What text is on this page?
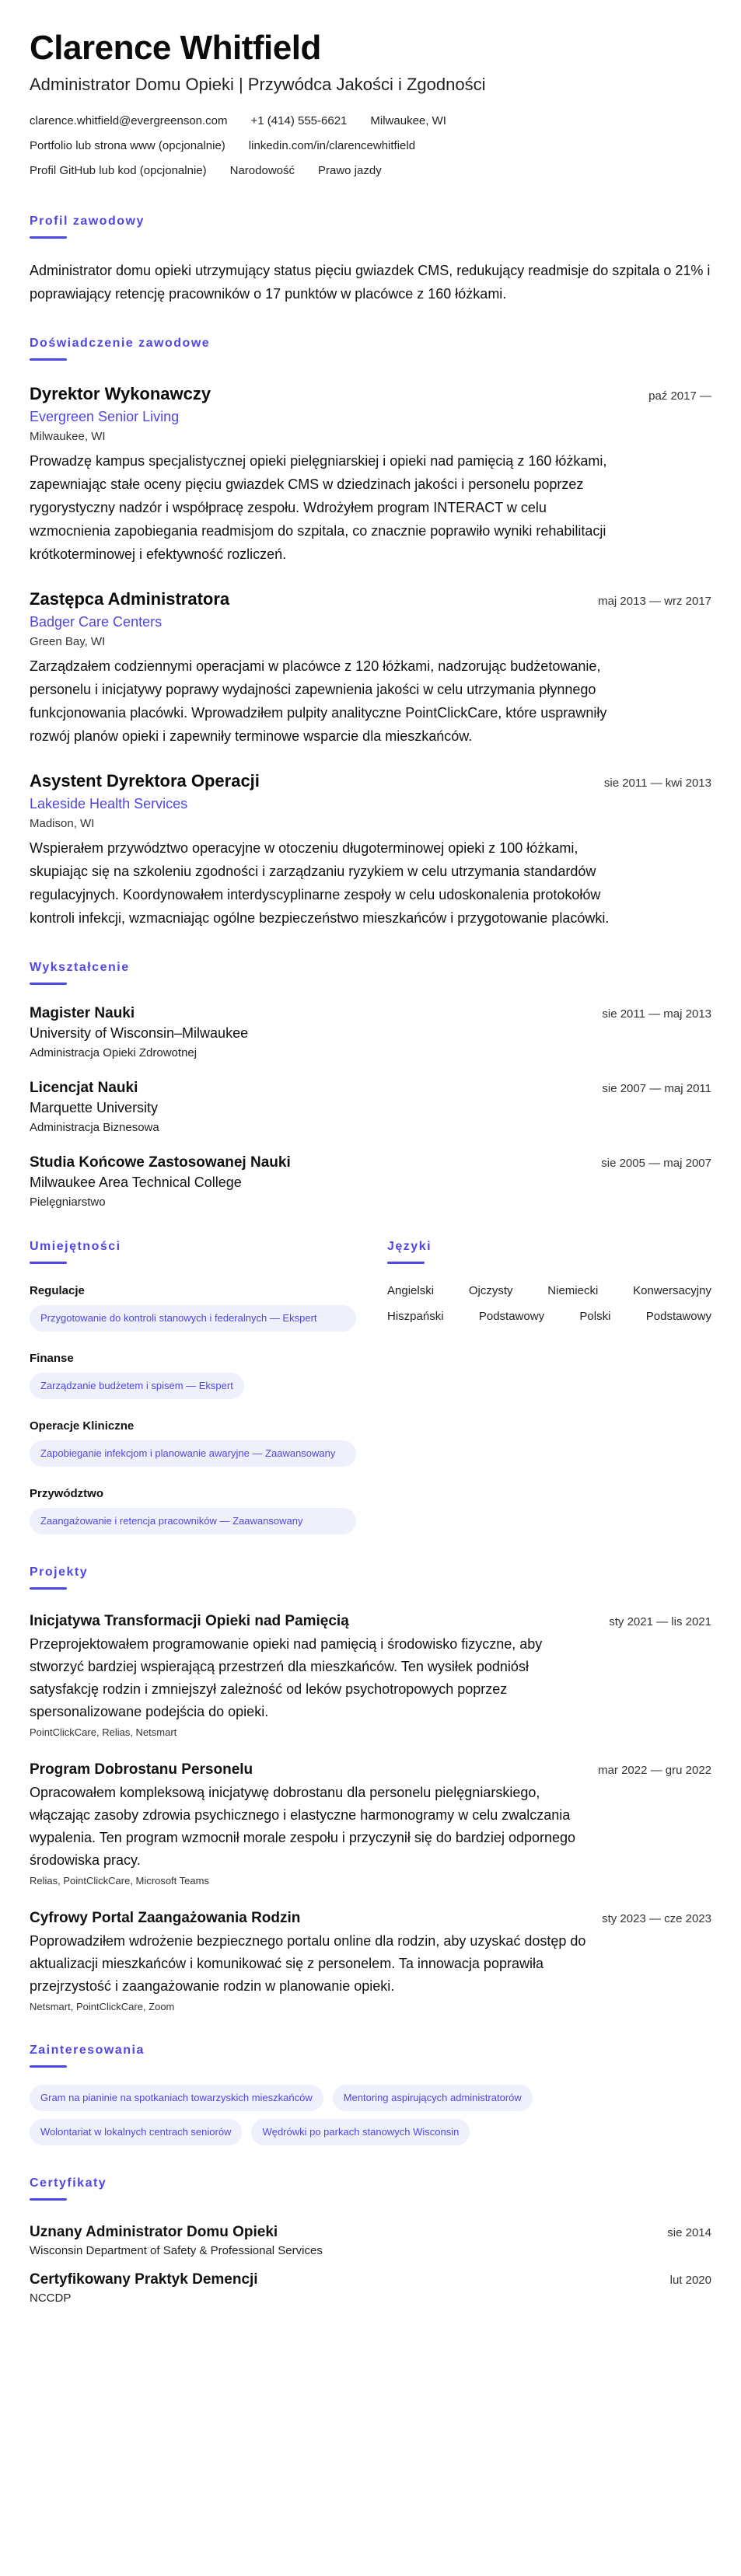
Clarence Whitfield
Administrator Domu Opieki | Przywódca Jakości i Zgodności
clarence.whitfield@evergreenson.com +1 (414) 555-6621 Milwaukee, WI
Portfolio lub strona www (opcjonalnie) linkedin.com/in/clarencewhitfield
Profil GitHub lub kod (opcjonalnie) Narodowość Prawo jazdy
Profil zawodowy
Administrator domu opieki utrzymujący status pięciu gwiazdek CMS, redukujący readmisje do szpitala o 21% i poprawiający retencję pracowników o 17 punktów w placówce z 160 łóżkami.
Doświadczenie zawodowe
Dyrektor Wykonawczy	paź 2017 —
Evergreen Senior Living
Milwaukee, WI
Prowadzę kampus specjalistycznej opieki pielęgniarskiej i opieki nad pamięcią z 160 łóżkami, zapewniając stałe oceny pięciu gwiazdek CMS w dziedzinach jakości i personelu poprzez rygorystyczny nadzór i współpracę zespołu. Wdrożyłem program INTERACT w celu wzmocnienia zapobiegania readmisjom do szpitala, co znacznie poprawiło wyniki rehabilitacji krótkoterminowej i efektywność rozliczeń.
Zastępca Administratora	maj 2013 — wrz 2017
Badger Care Centers
Green Bay, WI
Zarządzałem codziennymi operacjami w placówce z 120 łóżkami, nadzorując budżetowanie, personelu i inicjatywy poprawy wydajności zapewnienia jakości w celu utrzymania płynnego funkcjonowania placówki. Wprowadziłem pulpity analityczne PointClickCare, które usprawniły rozwój planów opieki i zapewniły terminowe wsparcie dla mieszkańców.
Asystent Dyrektora Operacji	sie 2011 — kwi 2013
Lakeside Health Services
Madison, WI
Wspierałem przywództwo operacyjne w otoczeniu długoterminowej opieki z 100 łóżkami, skupiając się na szkoleniu zgodności i zarządzaniu ryzykiem w celu utrzymania standardów regulacyjnych. Koordynowałem interdyscyplinarne zespoły w celu udoskonalenia protokołów kontroli infekcji, wzmacniając ogólne bezpieczeństwo mieszkańców i przygotowanie placówki.
Wykształcenie
Magister Nauki	sie 2011 — maj 2013
University of Wisconsin–Milwaukee
Administracja Opieki Zdrowotnej
Licencjat Nauki	sie 2007 — maj 2011
Marquette University
Administracja Biznesowa
Studia Końcowe Zastosowanej Nauki	sie 2005 — maj 2007
Milwaukee Area Technical College
Pielęgniarstwo
Umiejętności
Regulacje
Przygotowanie do kontroli stanowych i federalnych — Ekspert
Finanse
Zarządzanie budżetem i spisem — Ekspert
Operacje Kliniczne
Zapobieganie infekcjom i planowanie awaryjne — Zaawansowany
Przywództwo
Zaangażowanie i retencja pracowników — Zaawansowany
Języki
Angielski	Ojczysty	Niemiecki	Konwersacyjny
Hiszpański	Podstawowy	Polski	Podstawowy
Projekty
Inicjatywa Transformacji Opieki nad Pamięcią	sty 2021 — lis 2021
Przeprojektowałem programowanie opieki nad pamięcią i środowisko fizyczne, aby stworzyć bardziej wspierającą przestrzeń dla mieszkańców. Ten wysiłek podniósł satysfakcję rodzin i zmniejszył zależność od leków psychotropowych poprzez spersonalizowane podejścia do opieki.
PointClickCare, Relias, Netsmart
Program Dobrostanu Personelu	mar 2022 — gru 2022
Opracowałem kompleksową inicjatywę dobrostanu dla personelu pielęgniarskiego, włączając zasoby zdrowia psychicznego i elastyczne harmonogramy w celu zwalczania wypalenia. Ten program wzmocnił morale zespołu i przyczynił się do bardziej odpornego środowiska pracy.
Relias, PointClickCare, Microsoft Teams
Cyfrowy Portal Zaangażowania Rodzin	sty 2023 — cze 2023
Poprowadziłem wdrożenie bezpiecznego portalu online dla rodzin, aby uzyskać dostęp do aktualizacji mieszkańców i komunikować się z personelem. Ta innowacja poprawiła przejrzystość i zaangażowanie rodzin w planowanie opieki.
Netsmart, PointClickCare, Zoom
Zainteresowania
Gram na pianinie na spotkaniach towarzyskich mieszkańców	Mentoring aspirujących administratorów
Wolontariat w lokalnych centrach seniorów	Wędrówki po parkach stanowych Wisconsin
Certyfikaty
Uznany Administrator Domu Opieki	sie 2014
Wisconsin Department of Safety & Professional Services
Certyfikowany Praktyk Demencji	lut 2020
NCCDP
